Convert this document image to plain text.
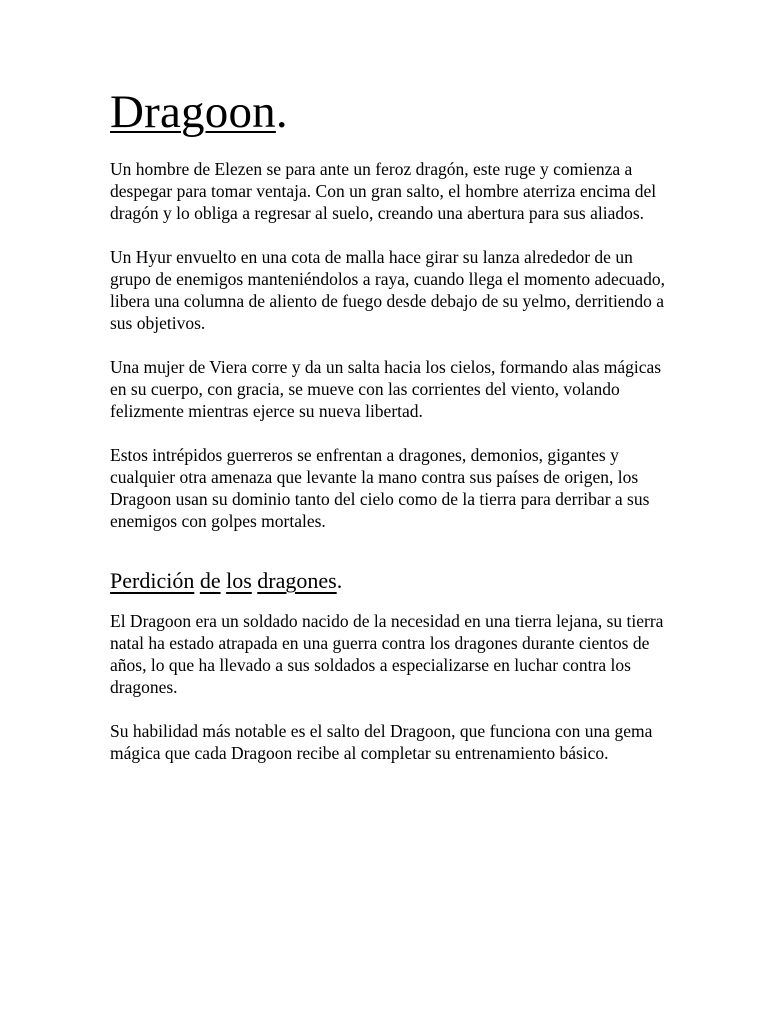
Dragoon.

Un hombre de Elezen se para ante un feroz dragón, este ruge y comienza a despegar para tomar ventaja. Con un gran salto, el hombre aterriza encima del dragón y lo obliga a regresar al suelo, creando una abertura para sus aliados.

Un Hyur envuelto en una cota de malla hace girar su lanza alrededor de un grupo de enemigos manteniéndolos a raya, cuando llega el momento adecuado, libera una columna de aliento de fuego desde debajo de su yelmo, derritiendo a sus objetivos.

Una mujer de Viera corre y da un salta hacia los cielos, formando alas mágicas en su cuerpo, con gracia, se mueve con las corrientes del viento, volando felizmente mientras ejerce su nueva libertad.

Estos intrépidos guerreros se enfrentan a dragones, demonios, gigantes y cualquier otra amenaza que levante la mano contra sus países de origen, los Dragoon usan su dominio tanto del cielo como de la tierra para derribar a sus enemigos con golpes mortales.

Perdición de los dragones.

El Dragoon era un soldado nacido de la necesidad en una tierra lejana, su tierra natal ha estado atrapada en una guerra contra los dragones durante cientos de años, lo que ha llevado a sus soldados a especializarse en luchar contra los dragones.

Su habilidad más notable es el salto del Dragoon, que funciona con una gema mágica que cada Dragoon recibe al completar su entrenamiento básico.
